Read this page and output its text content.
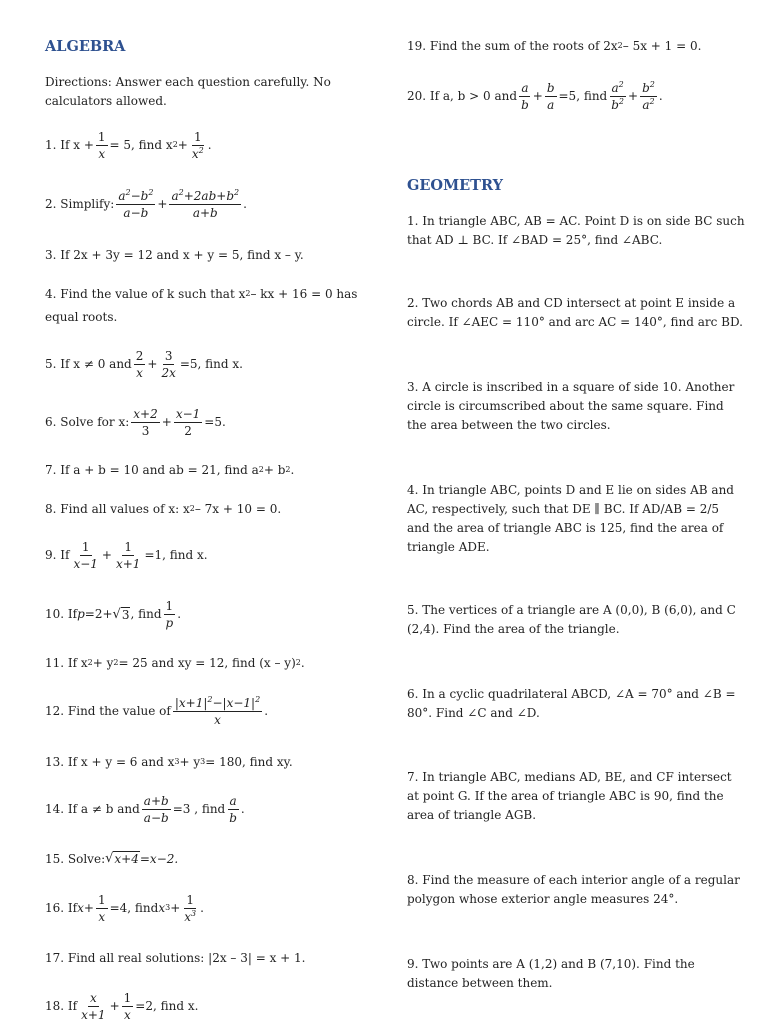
ALGEBRA
Directions: Answer each question carefully. No
calculators allowed.
1. If $x + \frac{1}{x} = 5$, find x $2 + \frac{1}{x^2}$ .
2. Simplify: $\frac{a^2-b^2}{a-b} + \frac{a^2+2ab+b^2}{a+b}$ .
3. If 2x + 3y = 12 and x + y = 5, find x – y.
4. Find the value of k such that x 2 – kx + 16 = 0 has
equal roots.
5. If x ≠ 0 and $\frac{2}{x} + \frac{3}{2x} =5$, find x.
6. Solve for x: $\frac{x+2}{3} + \frac{x-1}{2} =5$.
7. If a + b = 10 and ab = 21, find a 2 + b 2 .
8. Find all values of x: x 2 – 7x + 10 = 0.
9. If $\frac{1}{x-1} + \frac{1}{x+1} =1$, find x.
10. If p =2+ √ 3 , find $\frac{1}{p}$ .
11. If x 2 + y 2 = 25 and xy = 12, find (x – y) 2 .
12. Find the value of $\frac{|x+1|^2-|x-1|^2}{x}$ .
13. If x + y = 6 and x 3 + y 3 = 180, find xy.
14. If a ≠ b and $\frac{a+b}{a-b} =3$ , find $\frac{a}{b}$ .
15. Solve: √ x+4 =x−2.
16. If $x + \frac{1}{x} =4$, find x $3 + \frac{1}{x^3}$ .
17. Find all real solutions: |2x – 3| = x + 1.
18. If $\frac{x}{x+1} + \frac{1}{x} =2$, find x.
19. Find the sum of the roots of 2x 2 – 5x + 1 = 0.
20. If a, b > 0 and $\frac{a}{b} + \frac{b}{a} =5$, find $\frac{a^2}{b^2} + \frac{b^2}{a^2}$ .
GEOMETRY
1. In triangle ABC, AB = AC. Point D is on side BC such
that AD ⊥ BC. If ∠BAD = 25°, find ∠ABC.
2. Two chords AB and CD intersect at point E inside a
circle. If ∠AEC = 110° and arc AC = 140°, find arc BD.
3. A circle is inscribed in a square of side 10. Another
circle is circumscribed about the same square. Find
the area between the two circles.
4. In triangle ABC, points D and E lie on sides AB and
AC, respectively, such that DE ∥ BC. If AD/AB = 2/5
and the area of triangle ABC is 125, find the area of
triangle ADE.
5. The vertices of a triangle are A (0,0), B (6,0), and C
(2,4). Find the area of the triangle.
6. In a cyclic quadrilateral ABCD, ∠A = 70° and ∠B =
80°. Find ∠C and ∠D.
7. In triangle ABC, medians AD, BE, and CF intersect
at point G. If the area of triangle ABC is 90, find the
area of triangle AGB.
8. Find the measure of each interior angle of a regular
polygon whose exterior angle measures 24°.
9. Two points are A (1,2) and B (7,10). Find the
distance between them.
